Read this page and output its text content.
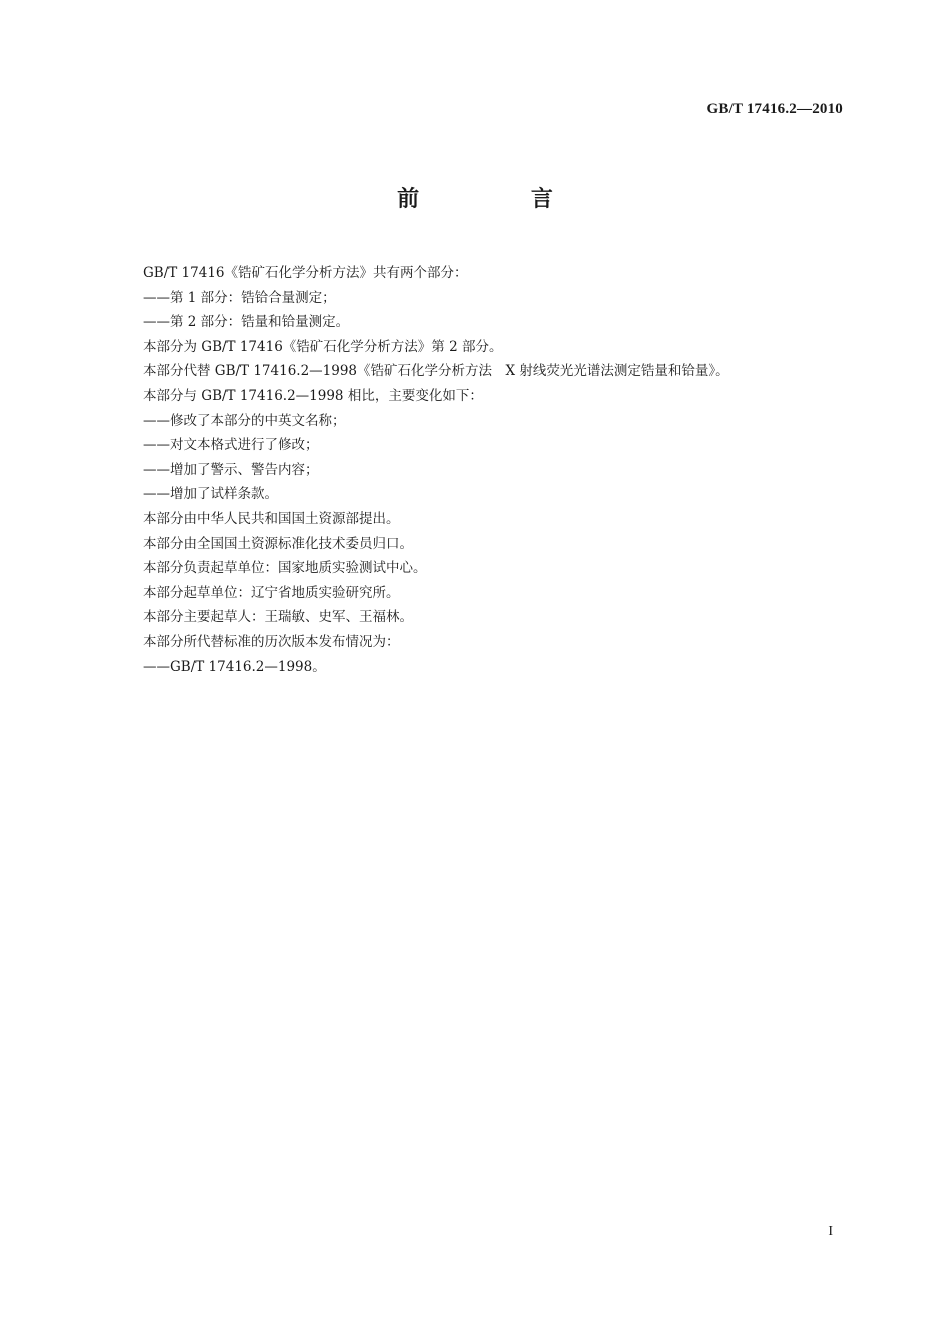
GB/T 17416.2—2010
前 言
GB/T 17416《锆矿石化学分析方法》共有两个部分：
——第 1 部分：锆铪合量测定；
——第 2 部分：锆量和铪量测定。
本部分为 GB/T 17416《锆矿石化学分析方法》第 2 部分。
本部分代替 GB/T 17416.2—1998《锆矿石化学分析方法　X 射线荧光光谱法测定锆量和铪量》。
本部分与 GB/T 17416.2—1998 相比，主要变化如下：
——修改了本部分的中英文名称；
——对文本格式进行了修改；
——增加了警示、警告内容；
——增加了试样条款。
本部分由中华人民共和国国土资源部提出。
本部分由全国国土资源标准化技术委员归口。
本部分负责起草单位：国家地质实验测试中心。
本部分起草单位：辽宁省地质实验研究所。
本部分主要起草人：王瑞敏、史军、王福林。
本部分所代替标准的历次版本发布情况为：
——GB/T 17416.2—1998。
I
